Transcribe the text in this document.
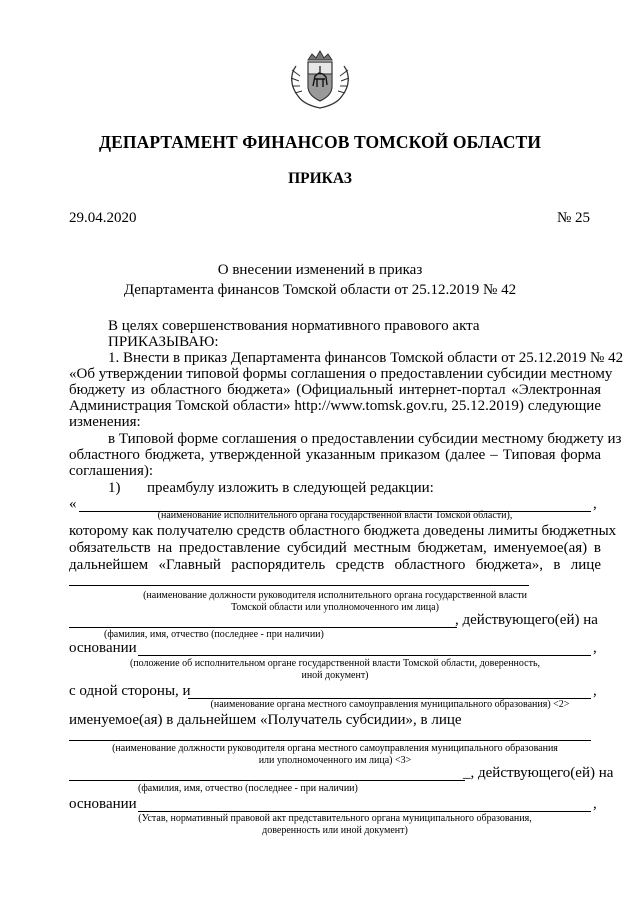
ДЕПАРТАМЕНТ ФИНАНСОВ ТОМСКОЙ ОБЛАСТИ
ПРИКАЗ
29.04.2020	№ 25
О внесении изменений в приказ
Департамента финансов Томской области от 25.12.2019 № 42
В целях совершенствования нормативного правового акта
ПРИКАЗЫВАЮ:
1. Внести в приказ Департамента финансов Томской области от 25.12.2019 № 42
«Об утверждении типовой формы соглашения о предоставлении субсидии местному
бюджету из областного бюджета» (Официальный интернет-портал «Электронная
Администрация Томской области» http://www.tomsk.gov.ru, 25.12.2019) следующие
изменения:
в Типовой форме соглашения о предоставлении субсидии местному бюджету из
областного бюджета, утвержденной указанным приказом (далее – Типовая форма
соглашения):
1) преамбулу изложить в следующей редакции:
«	,
(наименование исполнительного органа государственной власти Томской области),
которому как получателю средств областного бюджета доведены лимиты бюджетных
обязательств на предоставление субсидий местным бюджетам, именуемое(ая) в
дальнейшем «Главный распорядитель средств областного бюджета», в лице
(наименование должности руководителя исполнительного органа государственной власти
Томской области или уполномоченного им лица)
, действующего(ей) на
(фамилия, имя, отчество (последнее - при наличии)
основании	,
(положение об исполнительном органе государственной власти Томской области, доверенность,
иной документ)
с одной стороны, и	,
(наименование органа местного самоуправления муниципального образования) <2>
именуемое(ая) в дальнейшем «Получатель субсидии», в лице
(наименование должности руководителя органа местного самоуправления муниципального образования
или уполномоченного им лица) <3>
_, действующего(ей) на
(фамилия, имя, отчество (последнее - при наличии)
основании	,
(Устав, нормативный правовой акт представительного органа муниципального образования,
доверенность или иной документ)
